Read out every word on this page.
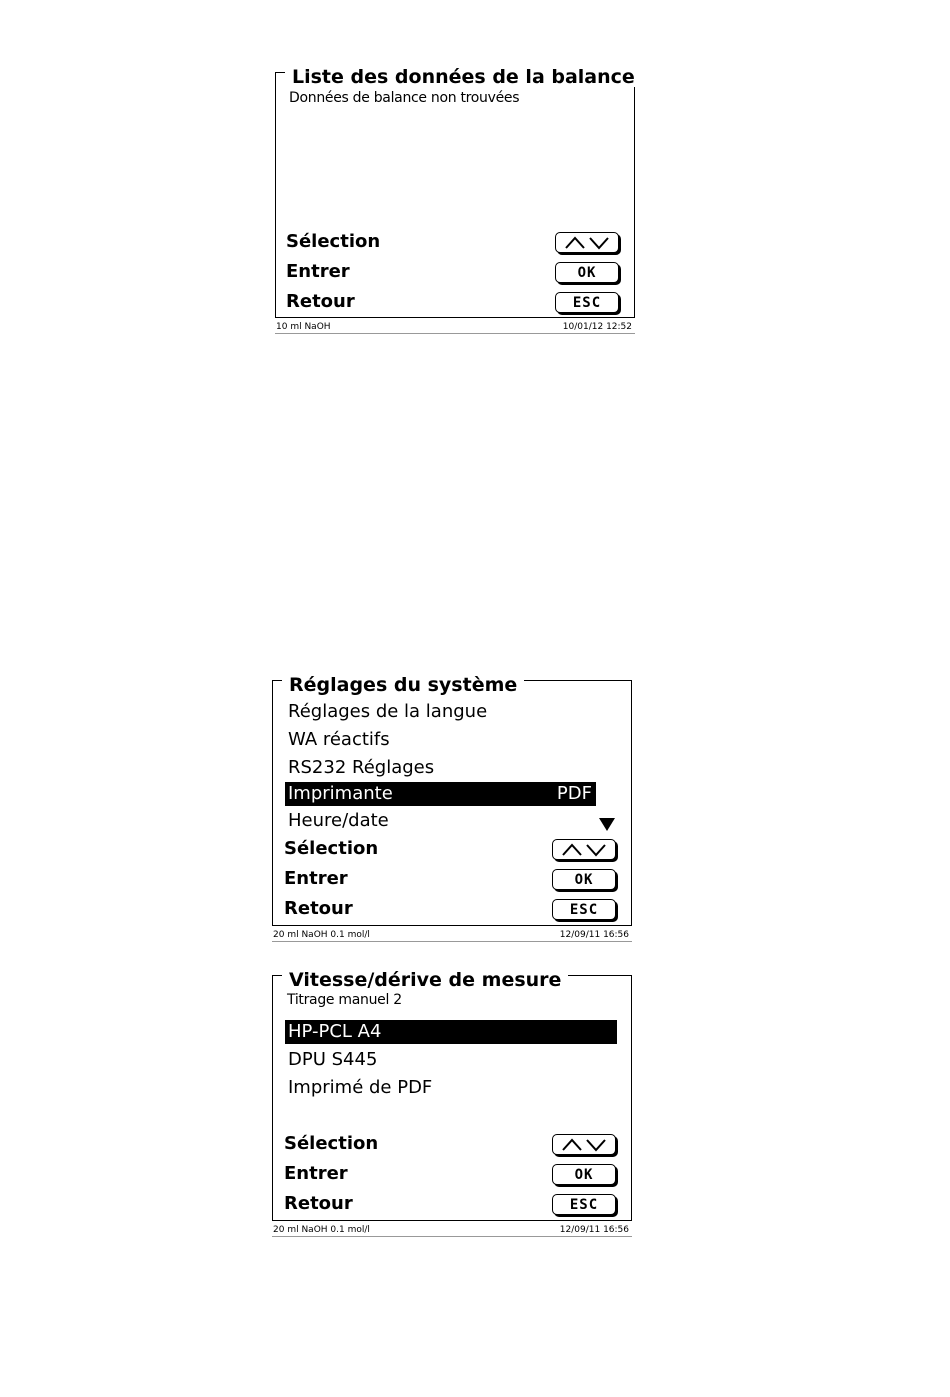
Liste des données de la balance
Données de balance non trouvées
Sélection
Entrer	OK
Retour	ESC
10 ml NaOH	10/01/12 12:52
Réglages du système
Réglages de la langue
WA réactifs
RS232 Réglages
Imprimante	PDF
Heure/date
Sélection
Entrer	OK
Retour	ESC
20 ml NaOH 0.1 mol/l	12/09/11 16:56
Vitesse/dérive de mesure
Titrage manuel 2
HP-PCL A4
DPU S445
Imprimé de PDF
Sélection
Entrer	OK
Retour	ESC
20 ml NaOH 0.1 mol/l	12/09/11 16:56
